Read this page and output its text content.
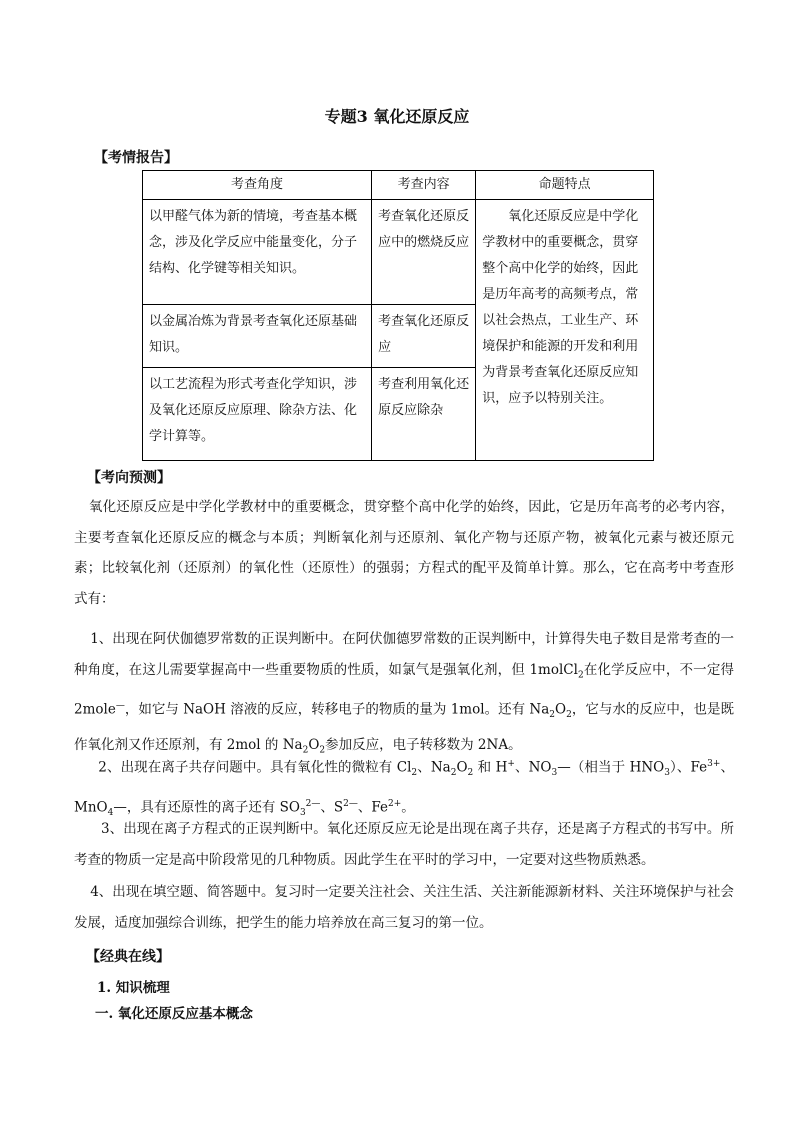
专题3 氧化还原反应
【考情报告】
考查角度	考查内容	命题特点
以甲醛气体为新的情境，考查基本概念，涉及化学反应中能量变化，分子结构、化学键等相关知识。	考查氧化还原反应中的燃烧反应	氧化还原反应是中学化学教材中的重要概念，贯穿整个高中化学的始终，因此是历年高考的高频考点，常以社会热点，工业生产、环境保护和能源的开发和利用为背景考查氧化还原反应知识，应予以特别关注。
以金属冶炼为背景考查氧化还原基础知识。	考查氧化还原反应	
以工艺流程为形式考查化学知识，涉及氧化还原反应原理、除杂方法、化学计算等。	考查利用氧化还原反应除杂	
【考向预测】
氧化还原反应是中学化学教材中的重要概念，贯穿整个高中化学的始终，因此，它是历年高考的必考内容，主要考查氧化还原反应的概念与本质；判断氧化剂与还原剂、氧化产物与还原产物，被氧化元素与被还原元素；比较氧化剂（还原剂）的氧化性（还原性）的强弱；方程式的配平及简单计算。那么，它在高考中考查形式有：
1、出现在阿伏伽德罗常数的正误判断中。在阿伏伽德罗常数的正误判断中，计算得失电子数目是常考查的一种角度，在这儿需要掌握高中一些重要物质的性质，如氯气是强氧化剂，但 1molCl$_2$在化学反应中，不一定得 2mole—，如它与 NaOH 溶液的反应，转移电子的物质的量为 1mol。还有 $Na_2O_2$，它与水的反应中，也是既作氧化剂又作还原剂，有 2mol 的 $Na_2O_2$参加反应，电子转移数为 2NA。
2、出现在离子共存问题中。具有氧化性的微粒有 $Cl_2$、$Na_2O_2$ 和 H+、$NO_3—$（相当于 $HNO_3$）、$Fe^{3+}$、MnO$_4$—，具有还原性的离子还有 $SO_3^{2—}$、$S^{2—}$、$Fe^{2+}$。
3、出现在离子方程式的正误判断中。氧化还原反应无论是出现在离子共存，还是离子方程式的书写中。所考查的物质一定是高中阶段常见的几种物质。因此学生在平时的学习中，一定要对这些物质熟悉。
4、出现在填空题、简答题中。复习时一定要关注社会、关注生活、关注新能源新材料、关注环境保护与社会发展，适度加强综合训练，把学生的能力培养放在高三复习的第一位。
【经典在线】
1. 知识梳理
一. 氧化还原反应基本概念
